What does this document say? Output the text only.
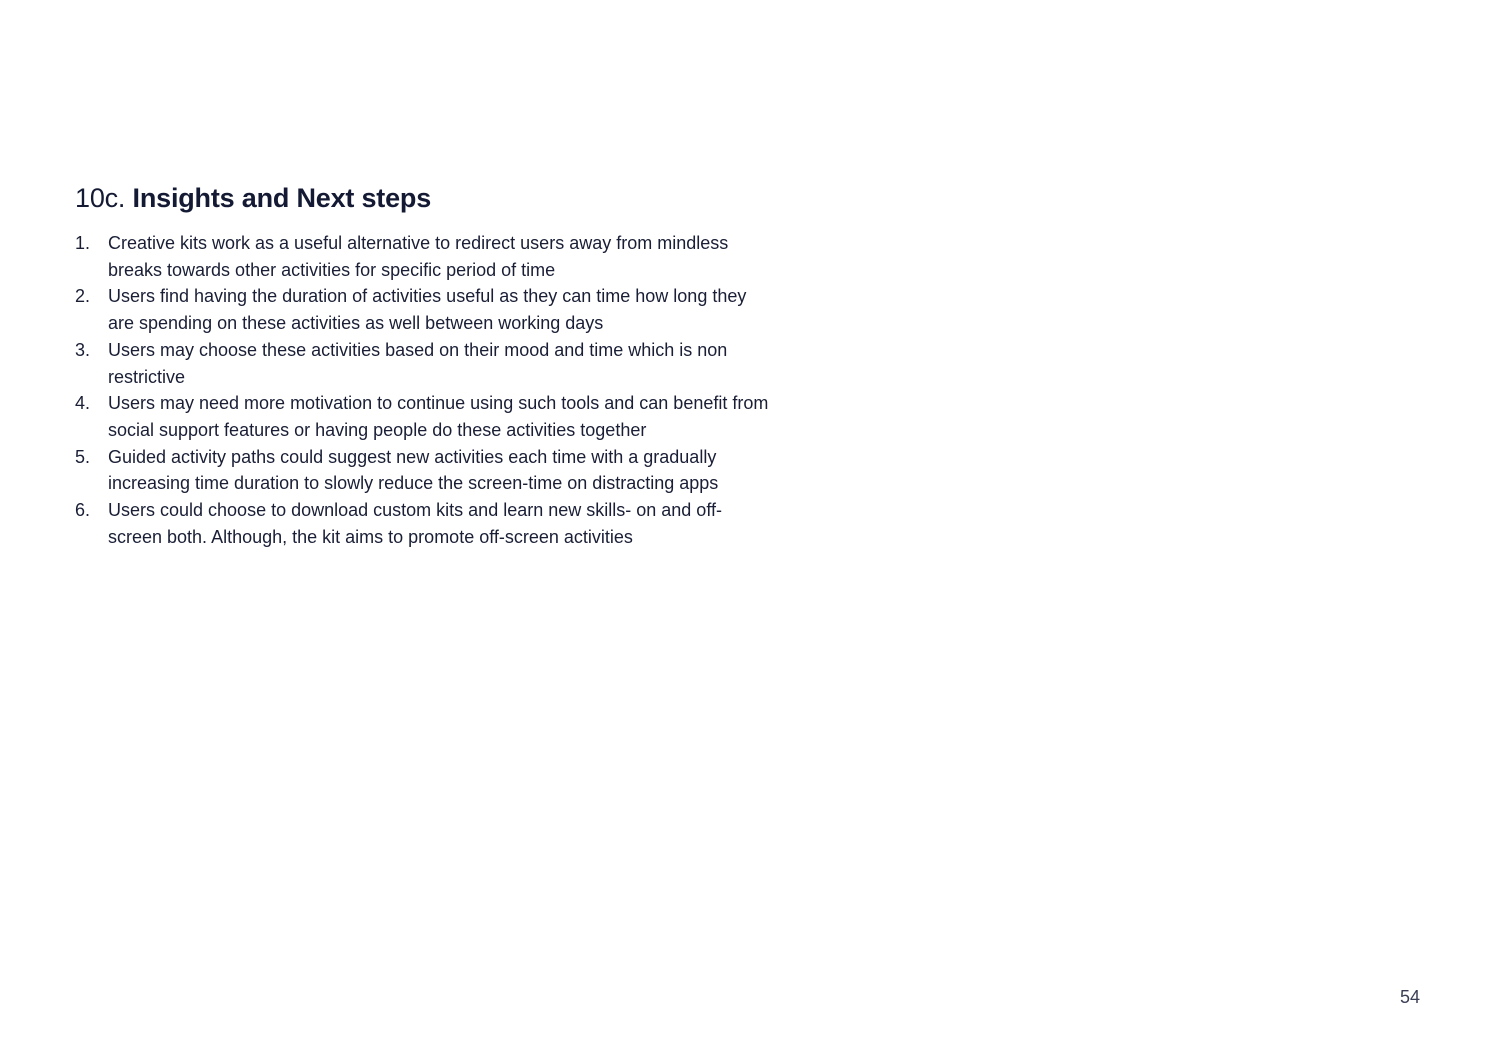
10c. Insights and Next steps
1. Creative kits work as a useful alternative to redirect users away from mindless breaks towards other activities for specific period of time
2. Users find having the duration of activities useful as they can time how long they are spending on these activities as well between working days
3. Users may choose these activities based on their mood and time which is non restrictive
4. Users may need more motivation to continue using such tools and can benefit from social support features or having people do these activities together
5. Guided activity paths could suggest new activities each time with a gradually increasing time duration to slowly reduce the screen-time on distracting apps
6. Users could choose to download custom kits and learn new skills- on and off-screen both. Although, the kit aims to promote off-screen activities
54
